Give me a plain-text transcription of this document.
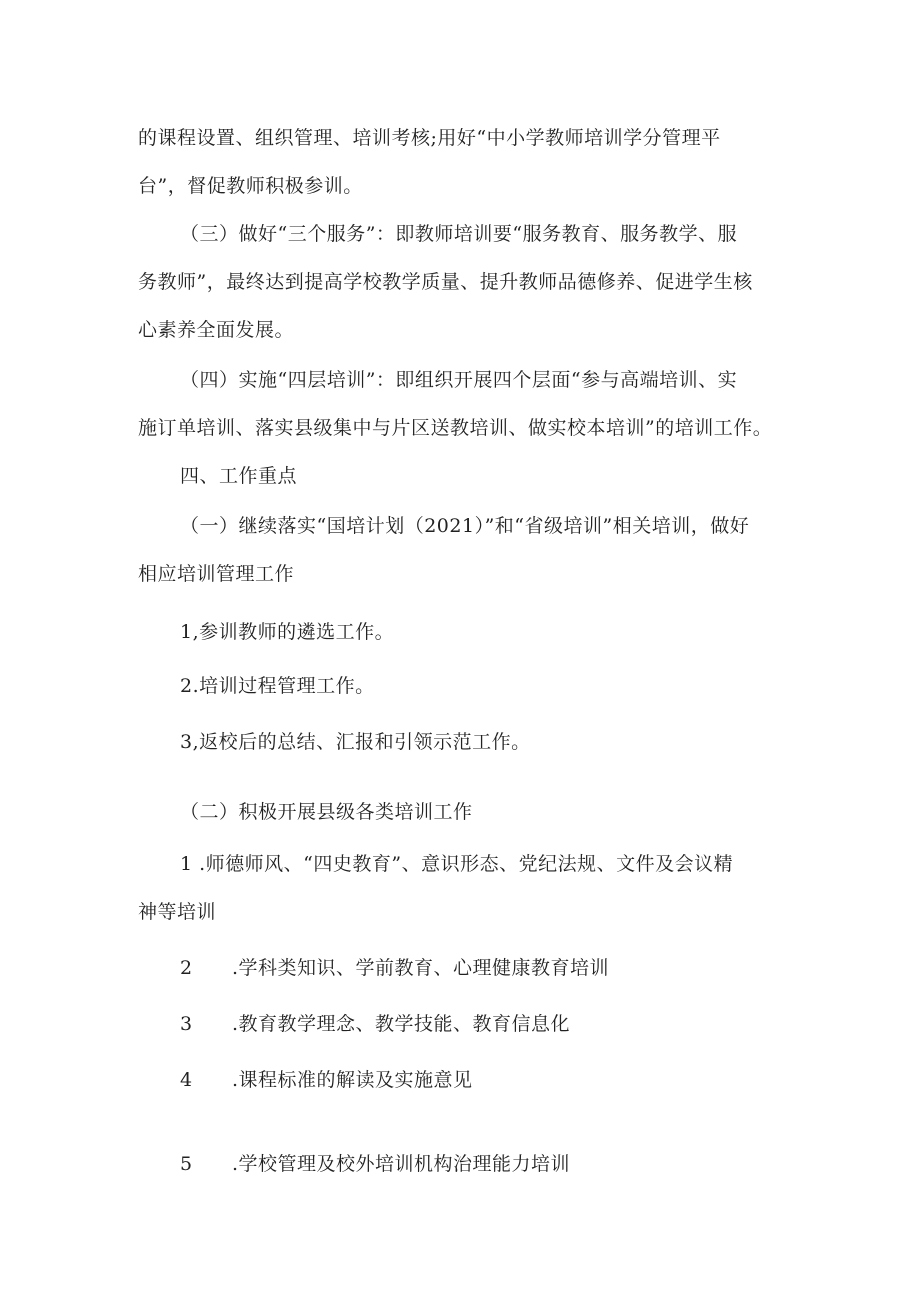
的课程设置、组织管理、培训考核;用好“中小学教师培训学分管理平
台”，督促教师积极参训。
（三）做好“三个服务”：即教师培训要“服务教育、服务教学、服
务教师”，最终达到提高学校教学质量、提升教师品德修养、促进学生核
心素养全面发展。
（四）实施“四层培训”：即组织开展四个层面“参与高端培训、实
施订单培训、落实县级集中与片区送教培训、做实校本培训”的培训工作。
四、工作重点
（一）继续落实“国培计划（2021）”和“省级培训”相关培训，做好
相应培训管理工作
1,参训教师的遴选工作。
2.培训过程管理工作。
3,返校后的总结、汇报和引领示范工作。
（二）积极开展县级各类培训工作
1 .师德师风、“四史教育”、意识形态、党纪法规、文件及会议精
神等培训
2 .学科类知识、学前教育、心理健康教育培训
3 .教育教学理念、教学技能、教育信息化
4 .课程标准的解读及实施意见
5 .学校管理及校外培训机构治理能力培训
